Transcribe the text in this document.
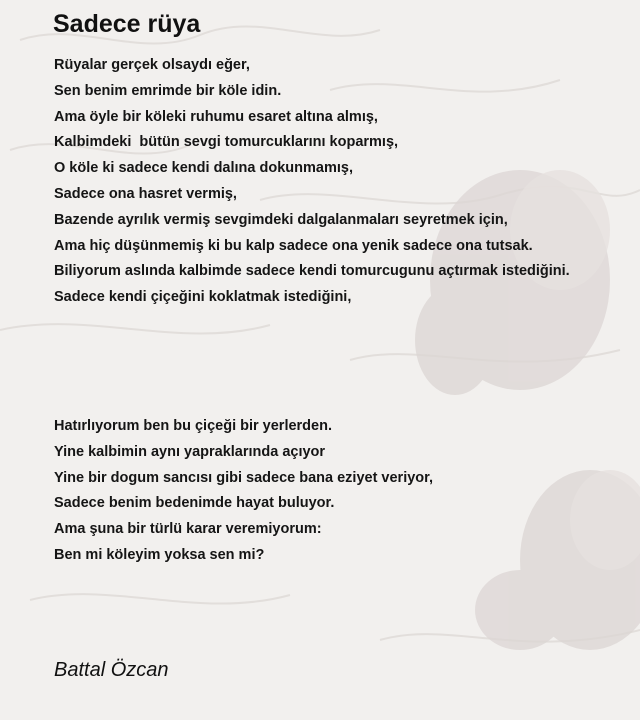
Sadece rüya
Rüyalar gerçek olsaydı eğer,
Sen benim emrimde bir köle idin.
Ama öyle bir köleki ruhumu esaret altına almış,
Kalbimdeki  bütün sevgi tomurcuklarını koparmış,
O köle ki sadece kendi dalına dokunmamış,
Sadece ona hasret vermiş,
Bazende ayrılık vermiş sevgimdeki dalgalanmaları seyretmek için,
Ama hiç düşünmemiş ki bu kalp sadece ona yenik sadece ona tutsak.
Biliyorum aslında kalbimde sadece kendi tomurcugunu açtırmak istediğini.
Sadece kendi çiçeğini koklatmak istediğini,
Hatırlıyorum ben bu çiçeği bir yerlerden.
Yine kalbimin aynı yapraklarında açıyor
Yine bir dogum sancısı gibi sadece bana eziyet veriyor,
Sadece benim bedenimde hayat buluyor.
Ama şuna bir türlü karar veremiyorum:
Ben mi köleyim yoksa sen mi?
Battal Özcan
